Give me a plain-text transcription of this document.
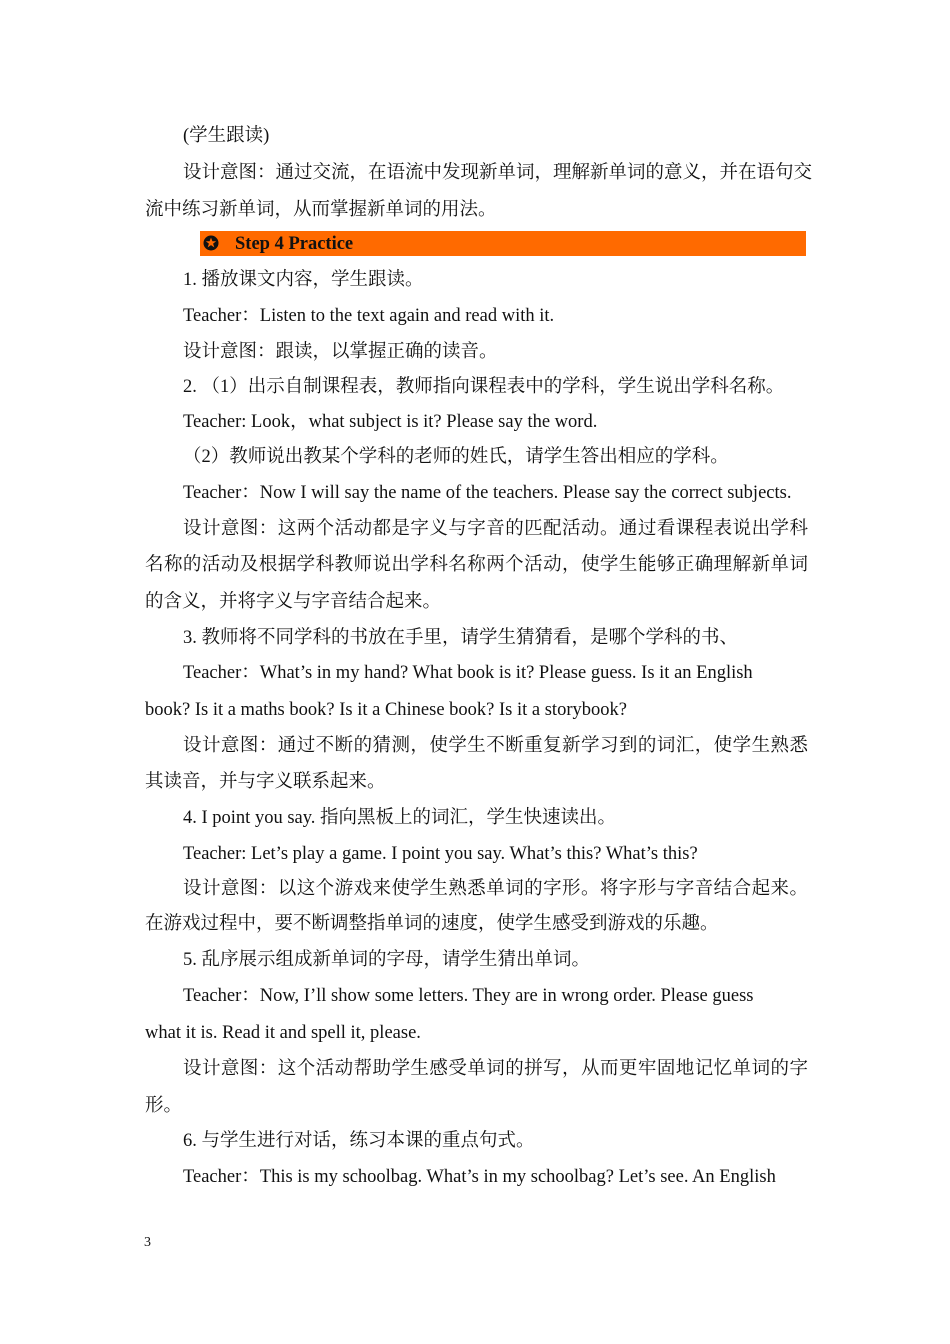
(学生跟读)
设计意图：通过交流，在语流中发现新单词，理解新单词的意义，并在语句交
流中练习新单词，从而掌握新单词的用法。
Step 4 Practice
1. 播放课文内容，学生跟读。
Teacher：Listen to the text again and read with it.
设计意图：跟读，以掌握正确的读音。
2. （1）出示自制课程表，教师指向课程表中的学科，学生说出学科名称。
Teacher: Look，what subject is it? Please say the word.
（2）教师说出教某个学科的老师的姓氏，请学生答出相应的学科。
Teacher：Now I will say the name of the teachers. Please say the correct subjects.
设计意图：这两个活动都是字义与字音的匹配活动。通过看课程表说出学科
名称的活动及根据学科教师说出学科名称两个活动，使学生能够正确理解新单词
的含义，并将字义与字音结合起来。
3. 教师将不同学科的书放在手里，请学生猜猜看，是哪个学科的书、
Teacher：What’s in my hand? What book is it? Please guess. Is it an English
book? Is it a maths book? Is it a Chinese book? Is it a storybook?
设计意图：通过不断的猜测，使学生不断重复新学习到的词汇，使学生熟悉
其读音，并与字义联系起来。
4. I point you say. 指向黑板上的词汇，学生快速读出。
Teacher: Let’s play a game. I point you say. What’s this? What’s this?
设计意图：以这个游戏来使学生熟悉单词的字形。将字形与字音结合起来。
在游戏过程中，要不断调整指单词的速度，使学生感受到游戏的乐趣。
5. 乱序展示组成新单词的字母，请学生猜出单词。
Teacher：Now, I’ll show some letters. They are in wrong order. Please guess
what it is. Read it and spell it, please.
设计意图：这个活动帮助学生感受单词的拼写，从而更牢固地记忆单词的字
形。
6. 与学生进行对话，练习本课的重点句式。
Teacher：This is my schoolbag. What’s in my schoolbag? Let’s see. An English
3
